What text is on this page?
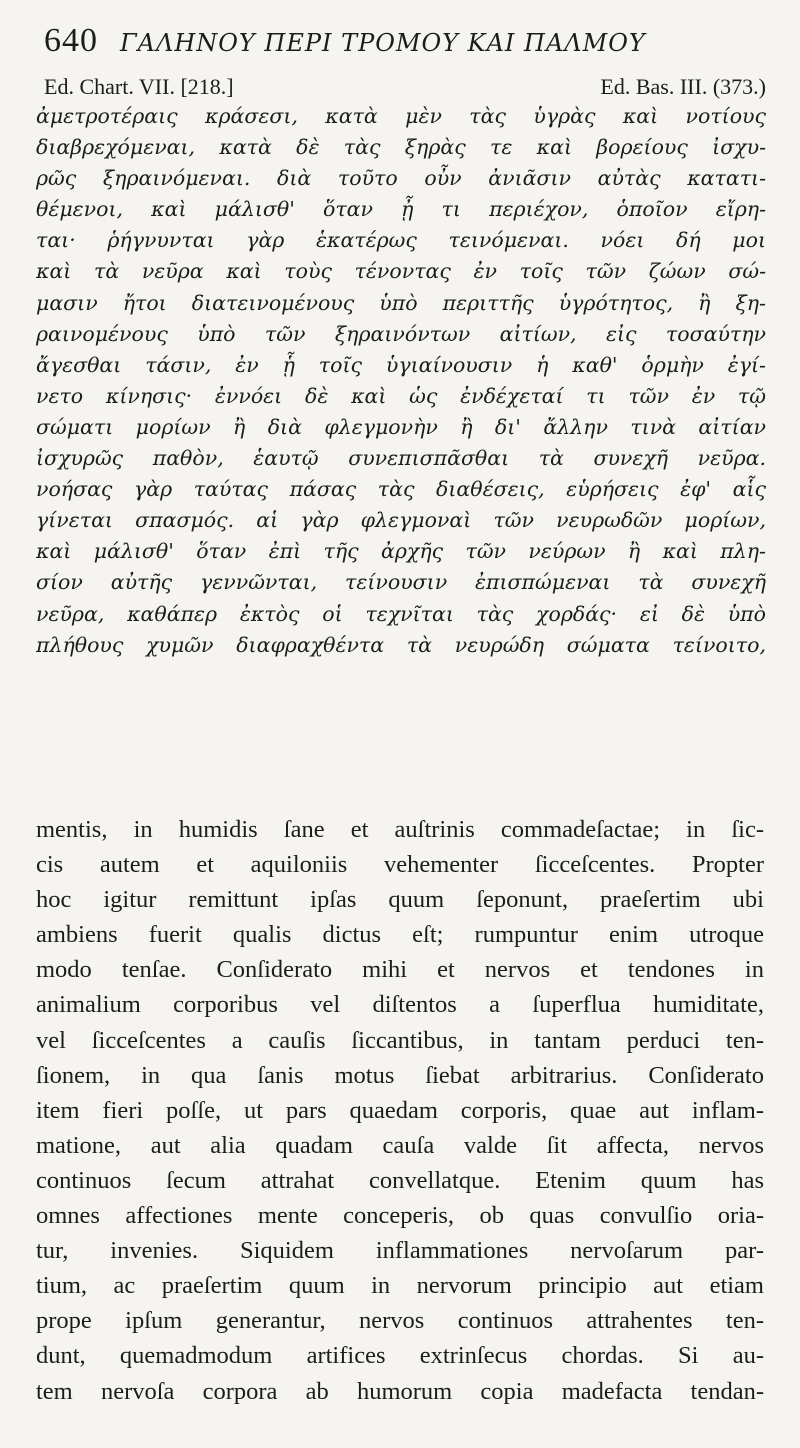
640 ΓΑΛΗΝΟΥ ΠΕΡΙ ΤΡΟΜΟΥ ΚΑΙ ΠΑΛΜΟΥ
Ed. Chart. VII. [218.]	Ed. Bas. III. (373.)
ἀμετροτέραις κράσεσι, κατὰ μὲν τὰς ὑγρὰς καὶ νοτίους
διαβρεχόμεναι, κατὰ δὲ τὰς ξηρὰς τε καὶ βορείους ἰσχυ-
ρῶς ξηραινόμεναι. διὰ τοῦτο οὖν ἀνιᾶσιν αὐτὰς κατατι-
θέμενοι, καὶ μάλισθ' ὅταν ᾖ τι περιέχον, ὁποῖον εἴρη-
ται· ῥήγνυνται γὰρ ἑκατέρως τεινόμεναι. νόει δή μοι
καὶ τὰ νεῦρα καὶ τοὺς τένοντας ἐν τοῖς τῶν ζώων σώ-
μασιν ἤτοι διατεινομένους ὑπὸ περιττῆς ὑγρότητος, ἢ ξη-
ραινομένους ὑπὸ τῶν ξηραινόντων αἰτίων, εἰς τοσαύτην
ἄγεσθαι τάσιν, ἐν ᾗ τοῖς ὑγιαίνουσιν ἡ καθ' ὁρμὴν ἐγί-
νετο κίνησις· ἐννόει δὲ καὶ ὡς ἐνδέχεταί τι τῶν ἐν τῷ
σώματι μορίων ἢ διὰ φλεγμονὴν ἢ δι' ἄλλην τινὰ αἰτίαν
ἰσχυρῶς παθὸν, ἑαυτῷ συνεπισπᾶσθαι τὰ συνεχῆ νεῦρα.
νοήσας γὰρ ταύτας πάσας τὰς διαθέσεις, εὑρήσεις ἐφ' αἷς
γίνεται σπασμός. αἱ γὰρ φλεγμοναὶ τῶν νευρωδῶν μορίων,
καὶ μάλισθ' ὅταν ἐπὶ τῆς ἀρχῆς τῶν νεύρων ἢ καὶ πλη-
σίον αὐτῆς γεννῶνται, τείνουσιν ἐπισπώμεναι τὰ συνεχῆ
νεῦρα, καθάπερ ἐκτὸς οἱ τεχνῖται τὰς χορδάς· εἰ δὲ ὑπὸ
πλήθους χυμῶν διαφραχθέντα τὰ νευρώδη σώματα τείνοιτο,
mentis, in humidis ſane et auſtrinis commadeſactae; in ſic-
cis autem et aquiloniis vehementer ſicceſcentes. Propter
hoc igitur remittunt ipſas quum ſeponunt, praeſertim ubi
ambiens fuerit qualis dictus eſt; rumpuntur enim utroque
modo tenſae. Conſiderato mihi et nervos et tendones in
animalium corporibus vel diſtentos a ſuperflua humiditate,
vel ſicceſcentes a cauſis ſiccantibus, in tantam perduci ten-
ſionem, in qua ſanis motus ſiebat arbitrarius. Conſiderato
item fieri poſſe, ut pars quaedam corporis, quae aut inflam-
matione, aut alia quadam cauſa valde ſit affecta, nervos
continuos ſecum attrahat convellatque. Etenim quum has
omnes affectiones mente conceperis, ob quas convulſio oria-
tur, invenies. Siquidem inflammationes nervoſarum par-
tium, ac praeſertim quum in nervorum principio aut etiam
prope ipſum generantur, nervos continuos attrahentes ten-
dunt, quemadmodum artifices extrinſecus chordas. Si au-
tem nervoſa corpora ab humorum copia madefacta tendan-
